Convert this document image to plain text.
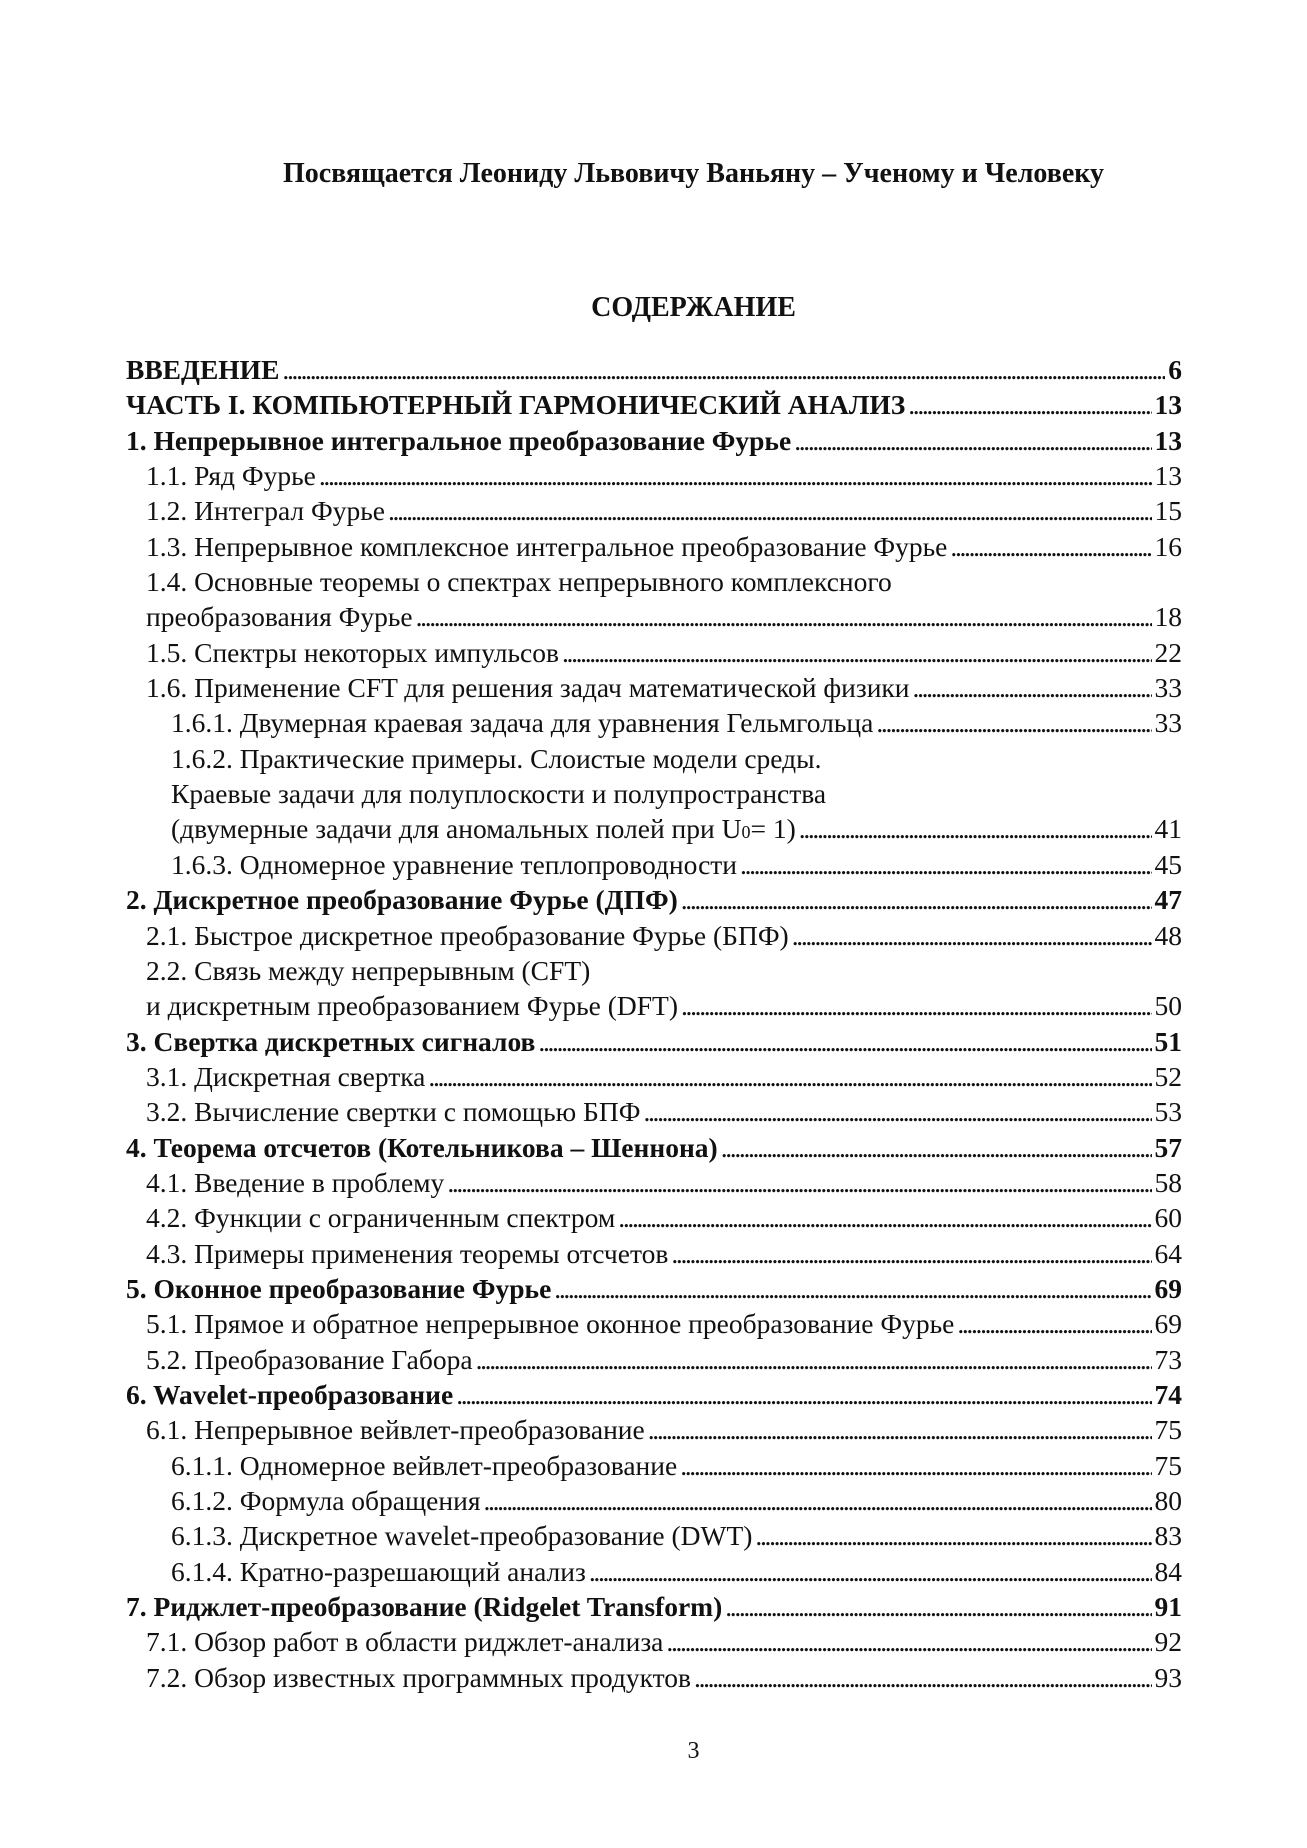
Посвящается Леониду Львовичу Ваньяну – Ученому и Человеку
СОДЕРЖАНИЕ
ВВЕДЕНИЕ . . .	6
ЧАСТЬ I. КОМПЬЮТЕРНЫЙ ГАРМОНИЧЕСКИЙ АНАЛИЗ . . .	13
1. Непрерывное интегральное преобразование Фурье . . .	13
1.1. Ряд Фурье . . .	13
1.2. Интеграл Фурье . . .	15
1.3. Непрерывное комплексное интегральное преобразование Фурье . . .	16
1.4. Основные теоремы о спектрах непрерывного комплексного
преобразования Фурье . . .	18
1.5. Спектры некоторых импульсов . . .	22
1.6. Применение CFT для решения задач математической физики . . .	33
1.6.1. Двумерная краевая задача для уравнения Гельмгольца . . .	33
1.6.2. Практические примеры. Слоистые модели среды.
Краевые задачи для полуплоскости и полупространства
(двумерные задачи для аномальных полей при U 0 = 1) . . .	41
1.6.3. Одномерное уравнение теплопроводности . . .	45
2. Дискретное преобразование Фурье (ДПФ) . . .	47
2.1. Быстрое дискретное преобразование Фурье (БПФ) . . .	48
2.2. Связь между непрерывным (CFT)
и дискретным преобразованием Фурье (DFT) . . .	50
3. Свертка дискретных сигналов . . .	51
3.1. Дискретная свертка . . .	52
3.2. Вычисление свертки с помощью БПФ . . .	53
4. Теорема отсчетов (Котельникова – Шеннона) . . .	57
4.1. Введение в проблему . . .	58
4.2. Функции с ограниченным спектром . . .	60
4.3. Примеры применения теоремы отсчетов . . .	64
5. Оконное преобразование Фурье . . .	69
5.1. Прямое и обратное непрерывное оконное преобразование Фурье . . .	69
5.2. Преобразование Габора . . .	73
6. Wavelet-преобразование . . .	74
6.1. Непрерывное вейвлет-преобразование . . .	75
6.1.1. Одномерное вейвлет-преобразование . . .	75
6.1.2. Формула обращения . . .	80
6.1.3. Дискретное wavelet-преобразование (DWT) . . .	83
6.1.4. Кратно-разрешающий анализ . . .	84
7. Риджлет-преобразование (Ridgelet Transform) . . .	91
7.1. Обзор работ в области риджлет-анализа . . .	92
7.2. Обзор известных программных продуктов . . .	93
3
